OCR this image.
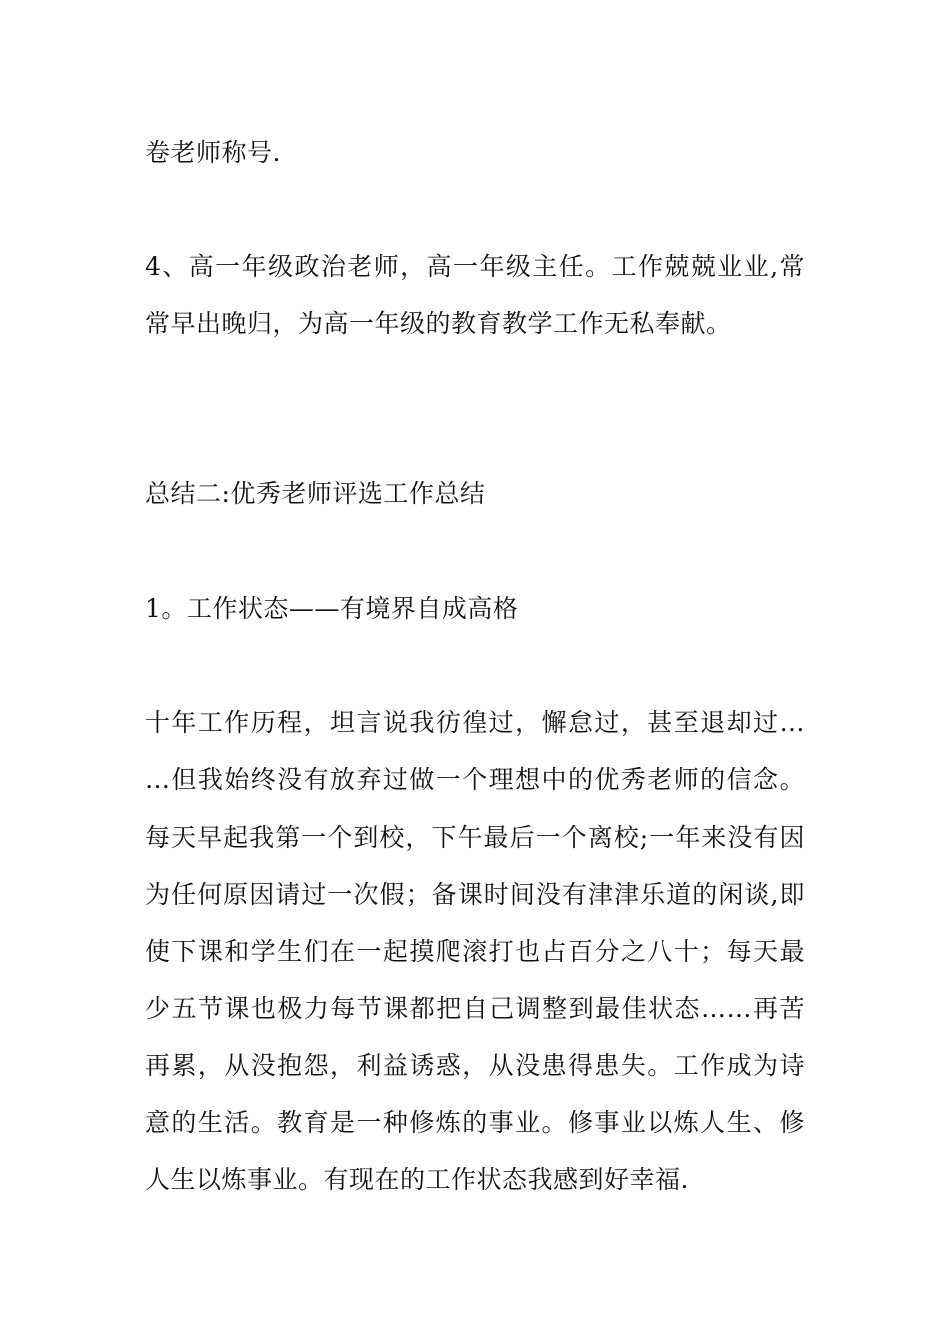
卷老师称号.
4、高一年级政治老师，高一年级主任。工作兢兢业业,常
常早出晚归，为高一年级的教育教学工作无私奉献。
总结二:优秀老师评选工作总结
1。工作状态——有境界自成高格
十年工作历程，坦言说我彷徨过，懈怠过，甚至退却过…
…但我始终没有放弃过做一个理想中的优秀老师的信念。
每天早起我第一个到校，下午最后一个离校;一年来没有因
为任何原因请过一次假；备课时间没有津津乐道的闲谈,即
使下课和学生们在一起摸爬滚打也占百分之八十；每天最
少五节课也极力每节课都把自己调整到最佳状态……再苦
再累，从没抱怨，利益诱惑，从没患得患失。工作成为诗
意的生活。教育是一种修炼的事业。修事业以炼人生、修
人生以炼事业。有现在的工作状态我感到好幸福.
